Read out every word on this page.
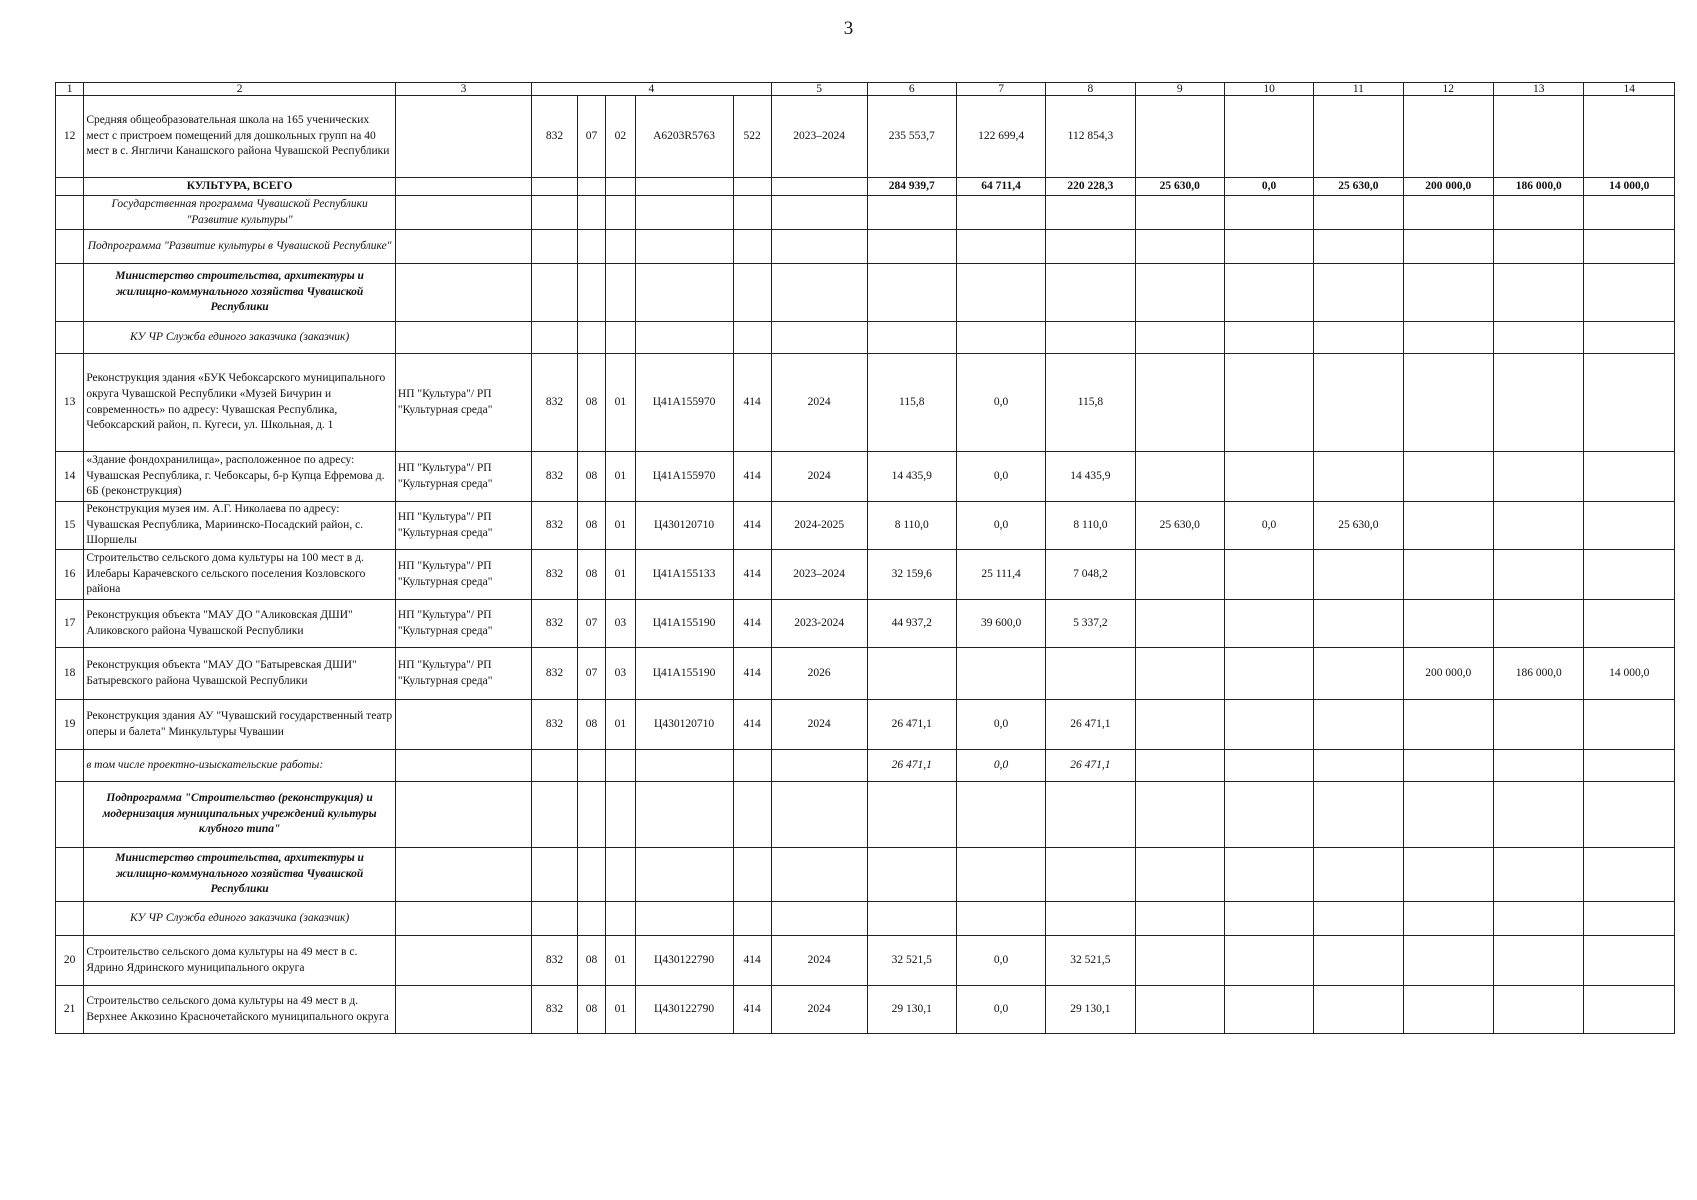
3
1	2	3	4					5	6	7	8	9	10	11	12	13	14
12	Средняя общеобразовательная школа на 165 ученических мест с пристроем помещений для дошкольных групп на 40 мест в с. Янгличи Канашского района Чувашской Республики		832	07	02	А6203R5763	522	2023–2024	235 553,7	122 699,4	112 854,3						
	КУЛЬТУРА, ВСЕГО								284 939,7	64 711,4	220 228,3	25 630,0	0,0	25 630,0	200 000,0	186 000,0	14 000,0
	Государственная программа Чувашской Республики "Развитие культуры"																
	Подпрограмма "Развитие культуры в Чувашской Республике"																
	Министерство строительства, архитектуры и жилищно-коммунального хозяйства Чувашской Республики																
	КУ ЧР Служба единого заказчика (заказчик)																
13	Реконструкция здания «БУК Чебоксарского муниципального округа Чувашской Республики «Музей Бичурин и современность» по адресу: Чувашская Республика, Чебоксарский район, п. Кугеси, ул. Школьная, д. 1	НП "Культура"/ РП "Культурная среда"	832	08	01	Ц41А155970	414	2024	115,8	0,0	115,8						
14	«Здание фондохранилища», расположенное по адресу: Чувашская Республика, г. Чебоксары, б-р Купца Ефремова д. 6Б (реконструкция)	НП "Культура"/ РП "Культурная среда"	832	08	01	Ц41А155970	414	2024	14 435,9	0,0	14 435,9						
15	Реконструкция музея им. А.Г. Николаева по адресу: Чувашская Республика, Мариинско-Посадский район, с. Шоршелы	НП "Культура"/ РП "Культурная среда"	832	08	01	Ц430120710	414	2024-2025	8 110,0	0,0	8 110,0	25 630,0	0,0	25 630,0			
16	Строительство сельского дома культуры на 100 мест в д. Илебары Карачевского сельского поселения Козловского района	НП "Культура"/ РП "Культурная среда"	832	08	01	Ц41А155133	414	2023–2024	32 159,6	25 111,4	7 048,2						
17	Реконструкция объекта "МАУ ДО "Аликовская ДШИ" Аликовского района Чувашской Республики	НП "Культура"/ РП "Культурная среда"	832	07	03	Ц41А155190	414	2023-2024	44 937,2	39 600,0	5 337,2						
18	Реконструкция объекта "МАУ ДО "Батыревская ДШИ" Батыревского района Чувашской Республики	НП "Культура"/ РП "Культурная среда"	832	07	03	Ц41А155190	414	2026							200 000,0	186 000,0	14 000,0
19	Реконструкция здания АУ "Чувашский государственный театр оперы и балета" Минкультуры Чувашии		832	08	01	Ц430120710	414	2024	26 471,1	0,0	26 471,1						
	в том числе проектно-изыскательские работы:								26 471,1	0,0	26 471,1						
	Подпрограмма "Строительство (реконструкция) и модернизация муниципальных учреждений культуры клубного типа"																
	Министерство строительства, архитектуры и жилищно-коммунального хозяйства Чувашской Республики																
	КУ ЧР Служба единого заказчика (заказчик)																
20	Строительство сельского дома культуры на 49 мест в с. Ядрино Ядринского муниципального округа		832	08	01	Ц430122790	414	2024	32 521,5	0,0	32 521,5						
21	Строительство сельского дома культуры на 49 мест в д. Верхнее Аккозино Красночетайского муниципального округа		832	08	01	Ц430122790	414	2024	29 130,1	0,0	29 130,1						
